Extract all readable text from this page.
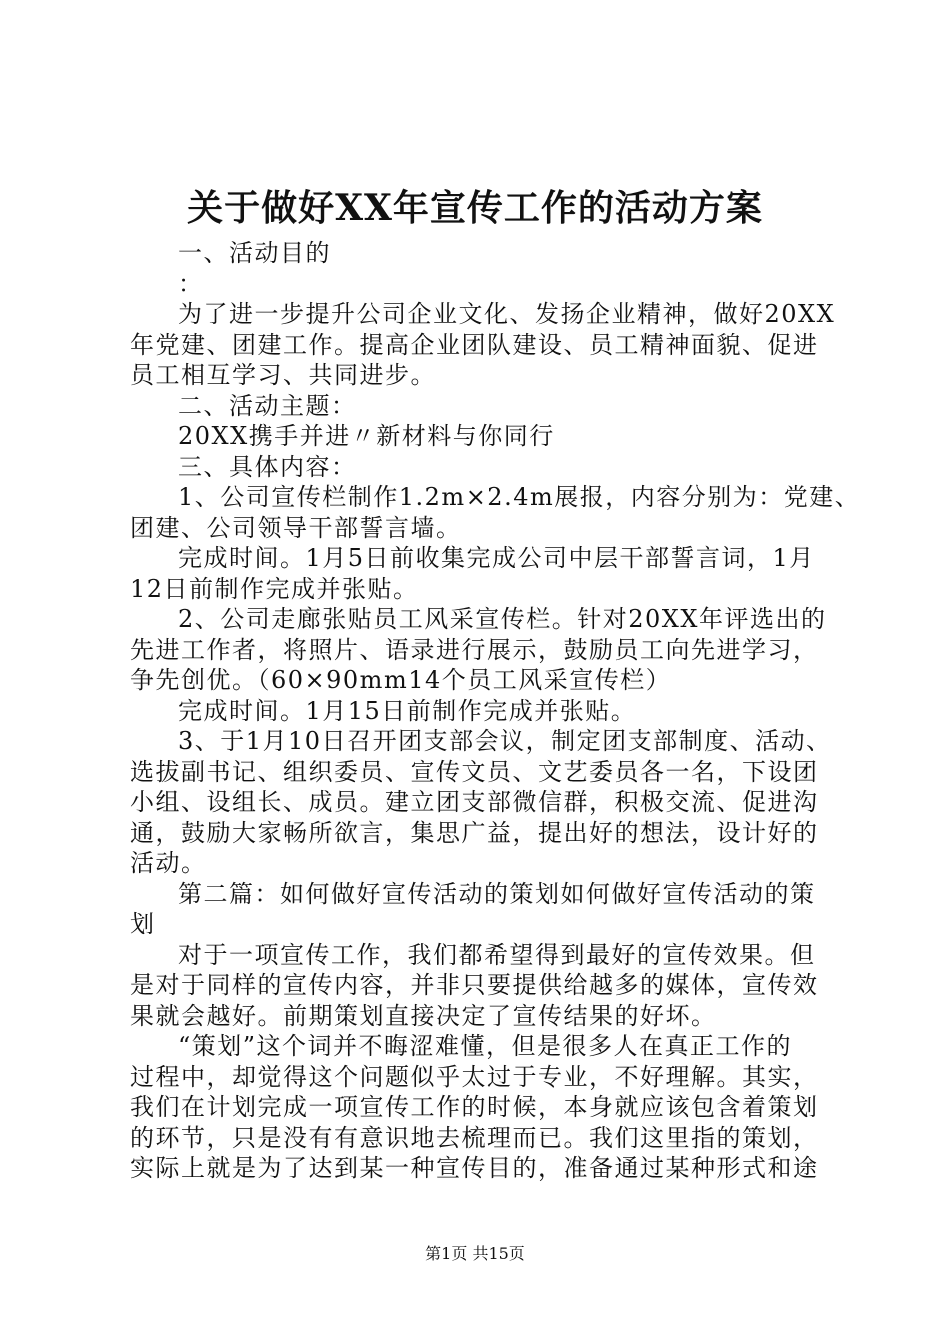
关于做好XX年宣传工作的活动方案
一、活动目的
：
为了进一步提升公司企业文化、发扬企业精神，做好20XX
年党建、团建工作。提高企业团队建设、员工精神面貌、促进
员工相互学习、共同进步。
二、活动主题：
20XX携手并进〃新材料与你同行
三、具体内容：
1、公司宣传栏制作1.2m×2.4m展报，内容分别为：党建、
团建、公司领导干部誓言墙。
完成时间。1月5日前收集完成公司中层干部誓言词，1月
12日前制作完成并张贴。
2、公司走廊张贴员工风采宣传栏。针对20XX年评选出的
先进工作者，将照片、语录进行展示，鼓励员工向先进学习，
争先创优。（60×90mm14个员工风采宣传栏）
完成时间。1月15日前制作完成并张贴。
3、于1月10日召开团支部会议，制定团支部制度、活动、
选拔副书记、组织委员、宣传文员、文艺委员各一名，下设团
小组、设组长、成员。建立团支部微信群，积极交流、促进沟
通，鼓励大家畅所欲言，集思广益，提出好的想法，设计好的
活动。
第二篇：如何做好宣传活动的策划如何做好宣传活动的策
划
对于一项宣传工作，我们都希望得到最好的宣传效果。但
是对于同样的宣传内容，并非只要提供给越多的媒体，宣传效
果就会越好。前期策划直接决定了宣传结果的好坏。
“策划”这个词并不晦涩难懂，但是很多人在真正工作的
过程中，却觉得这个问题似乎太过于专业，不好理解。其实，
我们在计划完成一项宣传工作的时候，本身就应该包含着策划
的环节，只是没有有意识地去梳理而已。我们这里指的策划，
实际上就是为了达到某一种宣传目的，准备通过某种形式和途
第1页 共15页
